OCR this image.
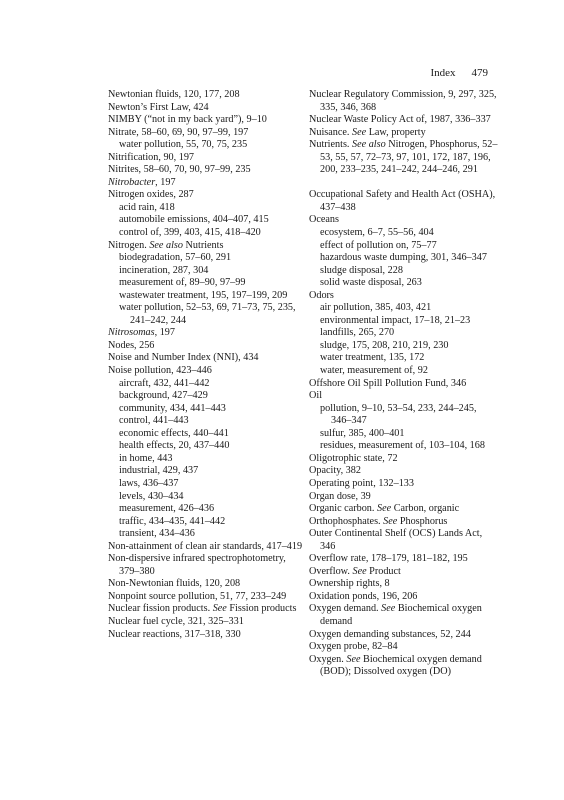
Index 479
Newtonian fluids, 120, 177, 208
Newton’s First Law, 424
NIMBY (“not in my back yard”), 9–10
Nitrate, 58–60, 69, 90, 97–99, 197
water pollution, 55, 70, 75, 235
Nitrification, 90, 197
Nitrites, 58–60, 70, 90, 97–99, 235
Nitrobacter, 197
Nitrogen oxides, 287
acid rain, 418
automobile emissions, 404–407, 415
control of, 399, 403, 415, 418–420
Nitrogen. See also Nutrients
biodegradation, 57–60, 291
incineration, 287, 304
measurement of, 89–90, 97–99
wastewater treatment, 195, 197–199, 209
water pollution, 52–53, 69, 71–73, 75, 235, 241–242, 244
Nitrosomas, 197
Nodes, 256
Noise and Number Index (NNI), 434
Noise pollution, 423–446
aircraft, 432, 441–442
background, 427–429
community, 434, 441–443
control, 441–443
economic effects, 440–441
health effects, 20, 437–440
in home, 443
industrial, 429, 437
laws, 436–437
levels, 430–434
measurement, 426–436
traffic, 434–435, 441–442
transient, 434–436
Non-attainment of clean air standards, 417–419
Non-dispersive infrared spectrophotometry, 379–380
Non-Newtonian fluids, 120, 208
Nonpoint source pollution, 51, 77, 233–249
Nuclear fission products. See Fission products
Nuclear fuel cycle, 321, 325–331
Nuclear reactions, 317–318, 330
Nuclear Regulatory Commission, 9, 297, 325, 335, 346, 368
Nuclear Waste Policy Act of, 1987, 336–337
Nuisance. See Law, property
Nutrients. See also Nitrogen, Phosphorus, 52–53, 55, 57, 72–73, 97, 101, 172, 187, 196, 200, 233–235, 241–242, 244–246, 291
Occupational Safety and Health Act (OSHA), 437–438
Oceans
ecosystem, 6–7, 55–56, 404
effect of pollution on, 75–77
hazardous waste dumping, 301, 346–347
sludge disposal, 228
solid waste disposal, 263
Odors
air pollution, 385, 403, 421
environmental impact, 17–18, 21–23
landfills, 265, 270
sludge, 175, 208, 210, 219, 230
water treatment, 135, 172
water, measurement of, 92
Offshore Oil Spill Pollution Fund, 346
Oil
pollution, 9–10, 53–54, 233, 244–245, 346–347
sulfur, 385, 400–401
residues, measurement of, 103–104, 168
Oligotrophic state, 72
Opacity, 382
Operating point, 132–133
Organ dose, 39
Organic carbon. See Carbon, organic
Orthophosphates. See Phosphorus
Outer Continental Shelf (OCS) Lands Act, 346
Overflow rate, 178–179, 181–182, 195
Overflow. See Product
Ownership rights, 8
Oxidation ponds, 196, 206
Oxygen demand. See Biochemical oxygen demand
Oxygen demanding substances, 52, 244
Oxygen probe, 82–84
Oxygen. See Biochemical oxygen demand (BOD); Dissolved oxygen (DO)
